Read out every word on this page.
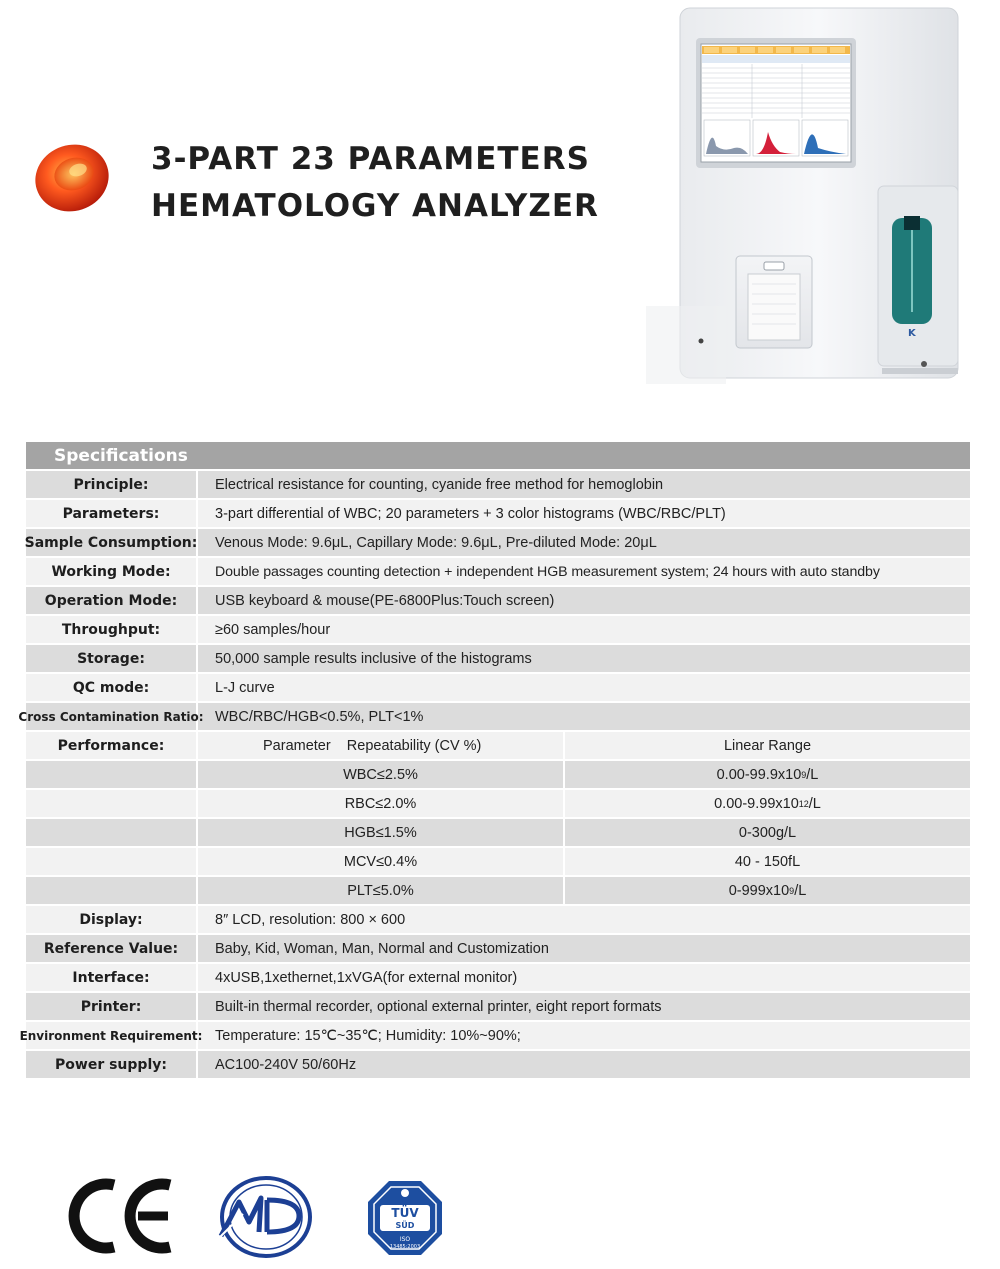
3-PART 23 PARAMETERS
HEMATOLOGY ANALYZER
K
Specifications
Principle:	Electrical resistance for counting, cyanide free method for hemoglobin
Parameters:	3-part differential of WBC; 20 parameters + 3 color histograms (WBC/RBC/PLT)
Sample Consumption:	Venous Mode: 9.6μL, Capillary Mode: 9.6μL, Pre-diluted Mode: 20μL
Working Mode:	Double passages counting detection + independent HGB measurement system; 24 hours with auto standby
Operation Mode:	USB keyboard & mouse(PE-6800Plus:Touch screen)
Throughput:	≥60 samples/hour
Storage:	50,000 sample results inclusive of the histograms
QC mode:	L-J curve
Cross Contamination Ratio: WBC/RBC/HGB<0.5%, PLT<1%
Performance:	Parameter    Repeatability (CV %)	Linear Range
WBC≤2.5%	0.00-99.9x10 9 /L
RBC≤2.0%	0.00-9.99x10 12 /L
HGB≤1.5%	0-300g/L
MCV≤0.4%	40 - 150fL
PLT≤5.0%	0-999x10 9 /L
Display:	8″ LCD, resolution: 800 × 600
Reference Value:	Baby, Kid, Woman, Man, Normal and Customization
Interface:	4xUSB,1xethernet,1xVGA(for external monitor)
Printer:	Built-in thermal recorder, optional external printer, eight report formats
Environment Requirement: Temperature: 15℃~35℃; Humidity: 10%~90%;
Power supply:	AC100-240V 50/60Hz
TÜV
SÜD
ISO
13485:2003
